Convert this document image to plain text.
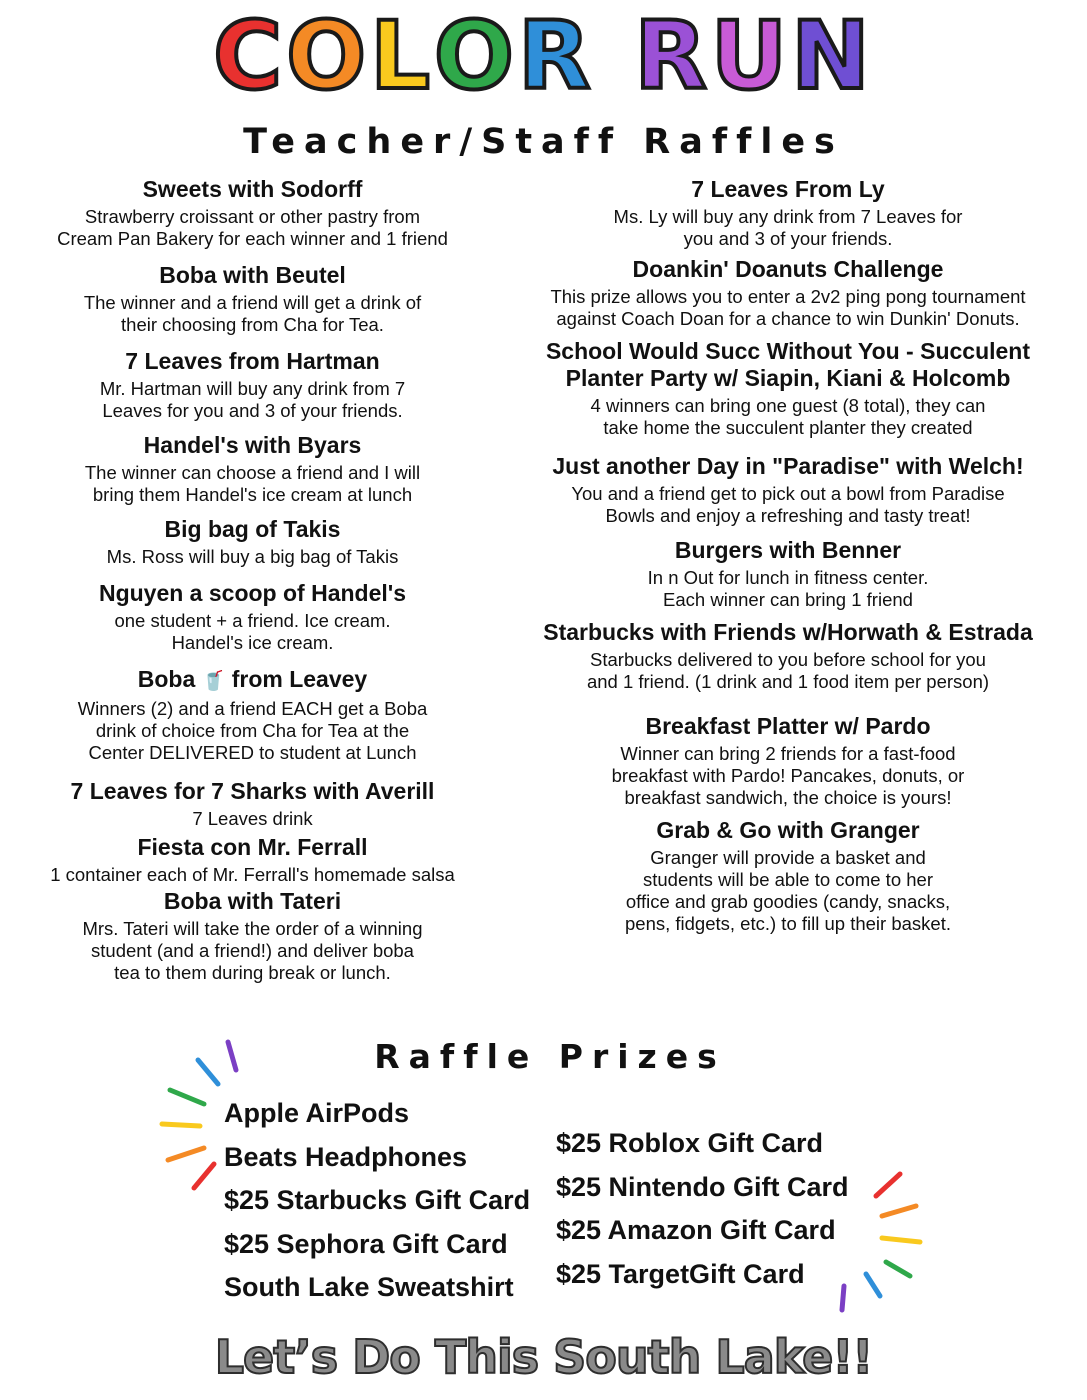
COLOR RUN
Teacher/Staff Raffles
Sweets with Sodorff

Strawberry croissant or other pastry from
Cream Pan Bakery for each winner and 1 friend

Boba with Beutel

The winner and a friend will get a drink of
their choosing from Cha for Tea.

7 Leaves from Hartman

Mr. Hartman will buy any drink from 7
Leaves for you and 3 of your friends.

Handel's with Byars

The winner can choose a friend and I will
bring them Handel's ice cream at lunch

Big bag of Takis

Ms. Ross will buy a big bag of Takis

Nguyen a scoop of Handel's

one student + a friend. Ice cream.
Handel's ice cream.

Boba 🥤 from Leavey

Winners (2) and a friend EACH get a Boba
drink of choice from Cha for Tea at the
Center DELIVERED to student at Lunch

7 Leaves for 7 Sharks with Averill

7 Leaves drink

Fiesta con Mr. Ferrall

1 container each of Mr. Ferrall's homemade salsa

Boba with Tateri

Mrs. Tateri will take the order of a winning
student (and a friend!) and deliver boba
tea to them during break or lunch.

7 Leaves From Ly

Ms. Ly will buy any drink from 7 Leaves for
you and 3 of your friends.

Doankin' Doanuts Challenge

This prize allows you to enter a 2v2 ping pong tournament
against Coach Doan for a chance to win Dunkin' Donuts.

School Would Succ Without You - Succulent
Planter Party w/ Siapin, Kiani & Holcomb

4 winners can bring one guest (8 total), they can
take home the succulent planter they created

Just another Day in "Paradise" with Welch!

You and a friend get to pick out a bowl from Paradise
Bowls and enjoy a refreshing and tasty treat!

Burgers with Benner

In n Out for lunch in fitness center.
Each winner can bring 1 friend

Starbucks with Friends w/Horwath & Estrada

Starbucks delivered to you before school for you
and 1 friend. (1 drink and 1 food item per person)

Breakfast Platter w/ Pardo

Winner can bring 2 friends for a fast-food
breakfast with Pardo! Pancakes, donuts, or
breakfast sandwich, the choice is yours!

Grab & Go with Granger

Granger will provide a basket and
students will be able to come to her
office and grab goodies (candy, snacks,
pens, fidgets, etc.) to fill up their basket.

Raffle Prizes
Apple AirPods
Beats Headphones
$25 Starbucks Gift Card
$25 Sephora Gift Card
South Lake Sweatshirt
$25 Roblox Gift Card
$25 Nintendo Gift Card
$25 Amazon Gift Card
$25 TargetGift Card
Let’s Do This South Lake!!
